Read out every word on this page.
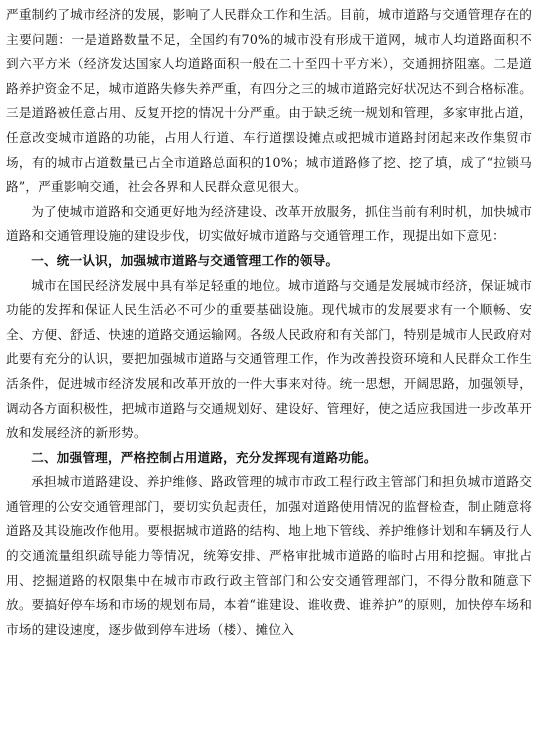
严重制约了城市经济的发展，影响了人民群众工作和生活。目前，城市道路与交通管理存在的主要问题：一是道路数量不足，全国约有70%的城市没有形成干道网，城市人均道路面积不到六平方米（经济发达国家人均道路面积一般在二十至四十平方米），交通拥挤阻塞。二是道路养护资金不足，城市道路失修失养严重，有四分之三的城市道路完好状况达不到合格标准。三是道路被任意占用、反复开挖的情况十分严重。由于缺乏统一规划和管理，多家审批占道，任意改变城市道路的功能，占用人行道、车行道摆设摊点或把城市道路封闭起来改作集贸市场，有的城市占道数量已占全市道路总面积的10%；城市道路修了挖、挖了填，成了“拉锁马路”，严重影响交通，社会各界和人民群众意见很大。

为了使城市道路和交通更好地为经济建设、改革开放服务，抓住当前有利时机，加快城市道路和交通管理设施的建设步伐，切实做好城市道路与交通管理工作，现提出如下意见：

一、统一认识，加强城市道路与交通管理工作的领导。

城市在国民经济发展中具有举足轻重的地位。城市道路与交通是发展城市经济，保证城市功能的发挥和保证人民生活必不可少的重要基础设施。现代城市的发展要求有一个顺畅、安全、方便、舒适、快速的道路交通运输网。各级人民政府和有关部门，特别是城市人民政府对此要有充分的认识，要把加强城市道路与交通管理工作，作为改善投资环境和人民群众工作生活条件，促进城市经济发展和改革开放的一件大事来对待。统一思想，开阔思路，加强领导，调动各方面积极性，把城市道路与交通规划好、建设好、管理好，使之适应我国进一步改革开放和发展经济的新形势。

二、加强管理，严格控制占用道路，充分发挥现有道路功能。

承担城市道路建设、养护维修、路政管理的城市市政工程行政主管部门和担负城市道路交通管理的公安交通管理部门，要切实负起责任，加强对道路使用情况的监督检查，制止随意将道路及其设施改作他用。要根据城市道路的结构、地上地下管线、养护维修计划和车辆及行人的交通流量组织疏导能力等情况，统筹安排、严格审批城市道路的临时占用和挖掘。审批占用、挖掘道路的权限集中在城市市政行政主管部门和公安交通管理部门，不得分散和随意下放。要搞好停车场和市场的规划布局，本着“谁建设、谁收费、谁养护”的原则，加快停车场和市场的建设速度，逐步做到停车进场（楼）、摊位入
